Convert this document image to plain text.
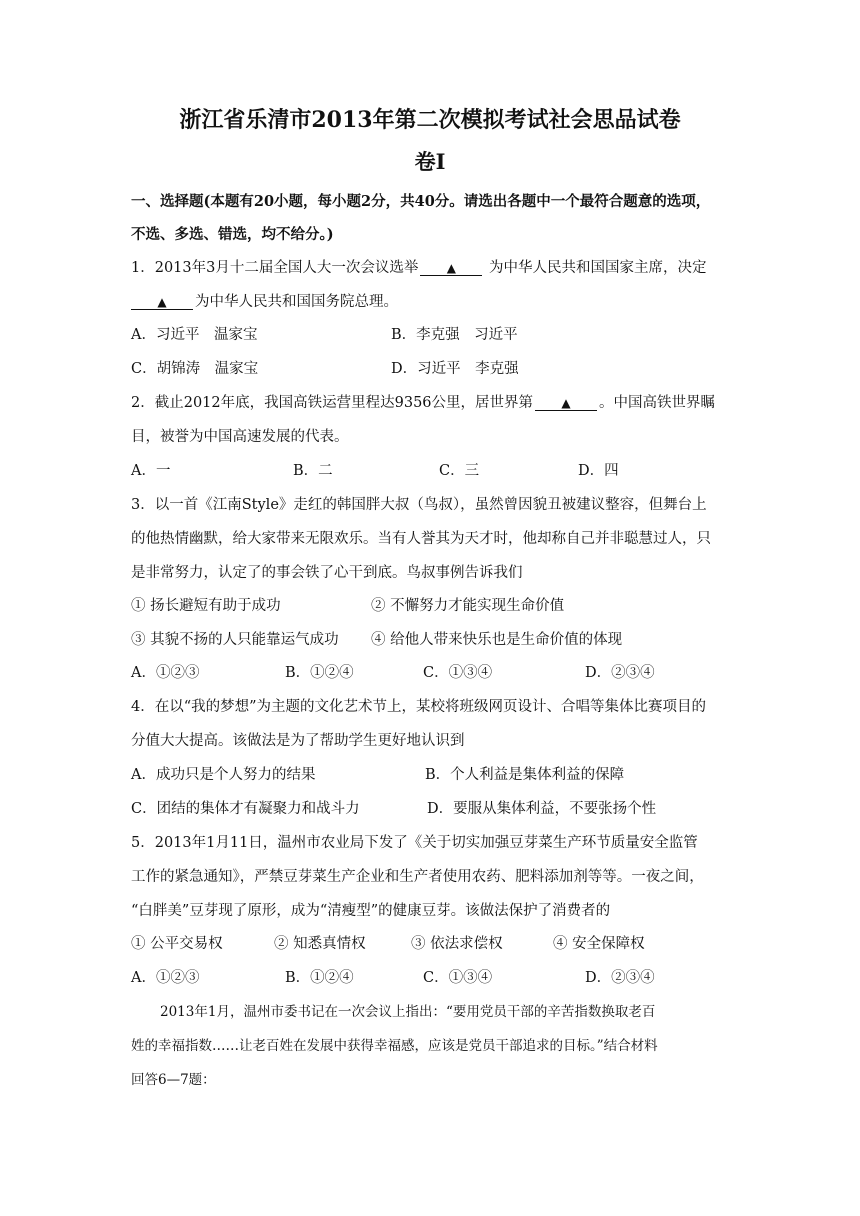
浙江省乐清市2013年第二次模拟考试社会思品试卷
卷Ⅰ
一、选择题(本题有20小题，每小题2分，共40分。请选出各题中一个最符合题意的选项，
不选、多选、错选，均不给分。)
1．2013年3月十二届全国人大一次会议选举 ▲ 为中华人民共和国国家主席，决定
▲ 为中华人民共和国国务院总理。
A．习近平　温家宝	B．李克强　习近平
C．胡锦涛　温家宝	D．习近平　李克强
2．截止2012年底，我国高铁运营里程达9356公里，居世界第 ▲ 。中国高铁世界瞩
目，被誉为中国高速发展的代表。
A．一	B．二	C．三	D．四
3．以一首《江南Style》走红的韩国胖大叔（鸟叔），虽然曾因貌丑被建议整容，但舞台上
的他热情幽默，给大家带来无限欢乐。当有人誉其为天才时，他却称自己并非聪慧过人，只
是非常努力，认定了的事会铁了心干到底。鸟叔事例告诉我们
① 扬长避短有助于成功	② 不懈努力才能实现生命价值
③ 其貌不扬的人只能靠运气成功 ④ 给他人带来快乐也是生命价值的体现
A．①②③	B．①②④	C．①③④	D．②③④
4．在以“我的梦想”为主题的文化艺术节上，某校将班级网页设计、合唱等集体比赛项目的
分值大大提高。该做法是为了帮助学生更好地认识到
A．成功只是个人努力的结果	B．个人利益是集体利益的保障
C．团结的集体才有凝聚力和战斗力	D．要服从集体利益，不要张扬个性
5．2013年1月11日，温州市农业局下发了《关于切实加强豆芽菜生产环节质量安全监管
工作的紧急通知》，严禁豆芽菜生产企业和生产者使用农药、肥料添加剂等等。一夜之间，
“白胖美”豆芽现了原形，成为“清瘦型”的健康豆芽。该做法保护了消费者的
① 公平交易权	② 知悉真情权	③ 依法求偿权	④ 安全保障权
A．①②③	B．①②④	C．①③④	D．②③④
2013年1月，温州市委书记在一次会议上指出：“要用党员干部的辛苦指数换取老百
姓的幸福指数……让老百姓在发展中获得幸福感，应该是党员干部追求的目标。”结合材料
回答6—7题：
